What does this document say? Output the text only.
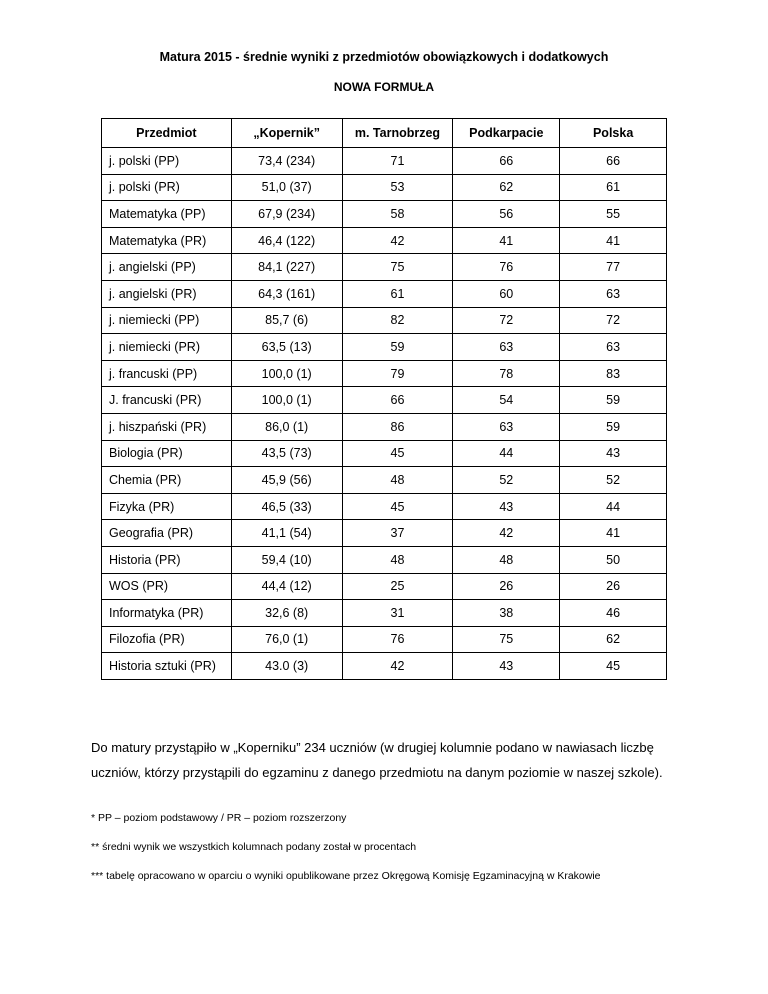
Matura 2015 - średnie wyniki z przedmiotów obowiązkowych i dodatkowych
NOWA FORMUŁA
Przedmiot	„Kopernik”	m. Tarnobrzeg	Podkarpacie	Polska
j. polski (PP)	73,4 (234)	71	66	66
j. polski (PR)	51,0 (37)	53	62	61
Matematyka (PP)	67,9 (234)	58	56	55
Matematyka (PR)	46,4 (122)	42	41	41
j. angielski (PP)	84,1 (227)	75	76	77
j. angielski (PR)	64,3 (161)	61	60	63
j. niemiecki (PP)	85,7 (6)	82	72	72
j. niemiecki (PR)	63,5 (13)	59	63	63
j. francuski (PP)	100,0 (1)	79	78	83
J. francuski (PR)	100,0 (1)	66	54	59
j. hiszpański (PR)	86,0 (1)	86	63	59
Biologia (PR)	43,5 (73)	45	44	43
Chemia (PR)	45,9 (56)	48	52	52
Fizyka (PR)	46,5 (33)	45	43	44
Geografia (PR)	41,1 (54)	37	42	41
Historia (PR)	59,4 (10)	48	48	50
WOS (PR)	44,4 (12)	25	26	26
Informatyka (PR)	32,6 (8)	31	38	46
Filozofia (PR)	76,0 (1)	76	75	62
Historia sztuki (PR)	43.0 (3)	42	43	45
Do matury przystąpiło w „Koperniku” 234 uczniów (w drugiej kolumnie podano w nawiasach liczbę uczniów, którzy przystąpili do egzaminu z danego przedmiotu na danym poziomie w naszej szkole).
* PP – poziom podstawowy / PR – poziom rozszerzony
** średni wynik we wszystkich kolumnach podany został w procentach
*** tabelę opracowano w oparciu o wyniki opublikowane przez Okręgową Komisję Egzaminacyjną w Krakowie
